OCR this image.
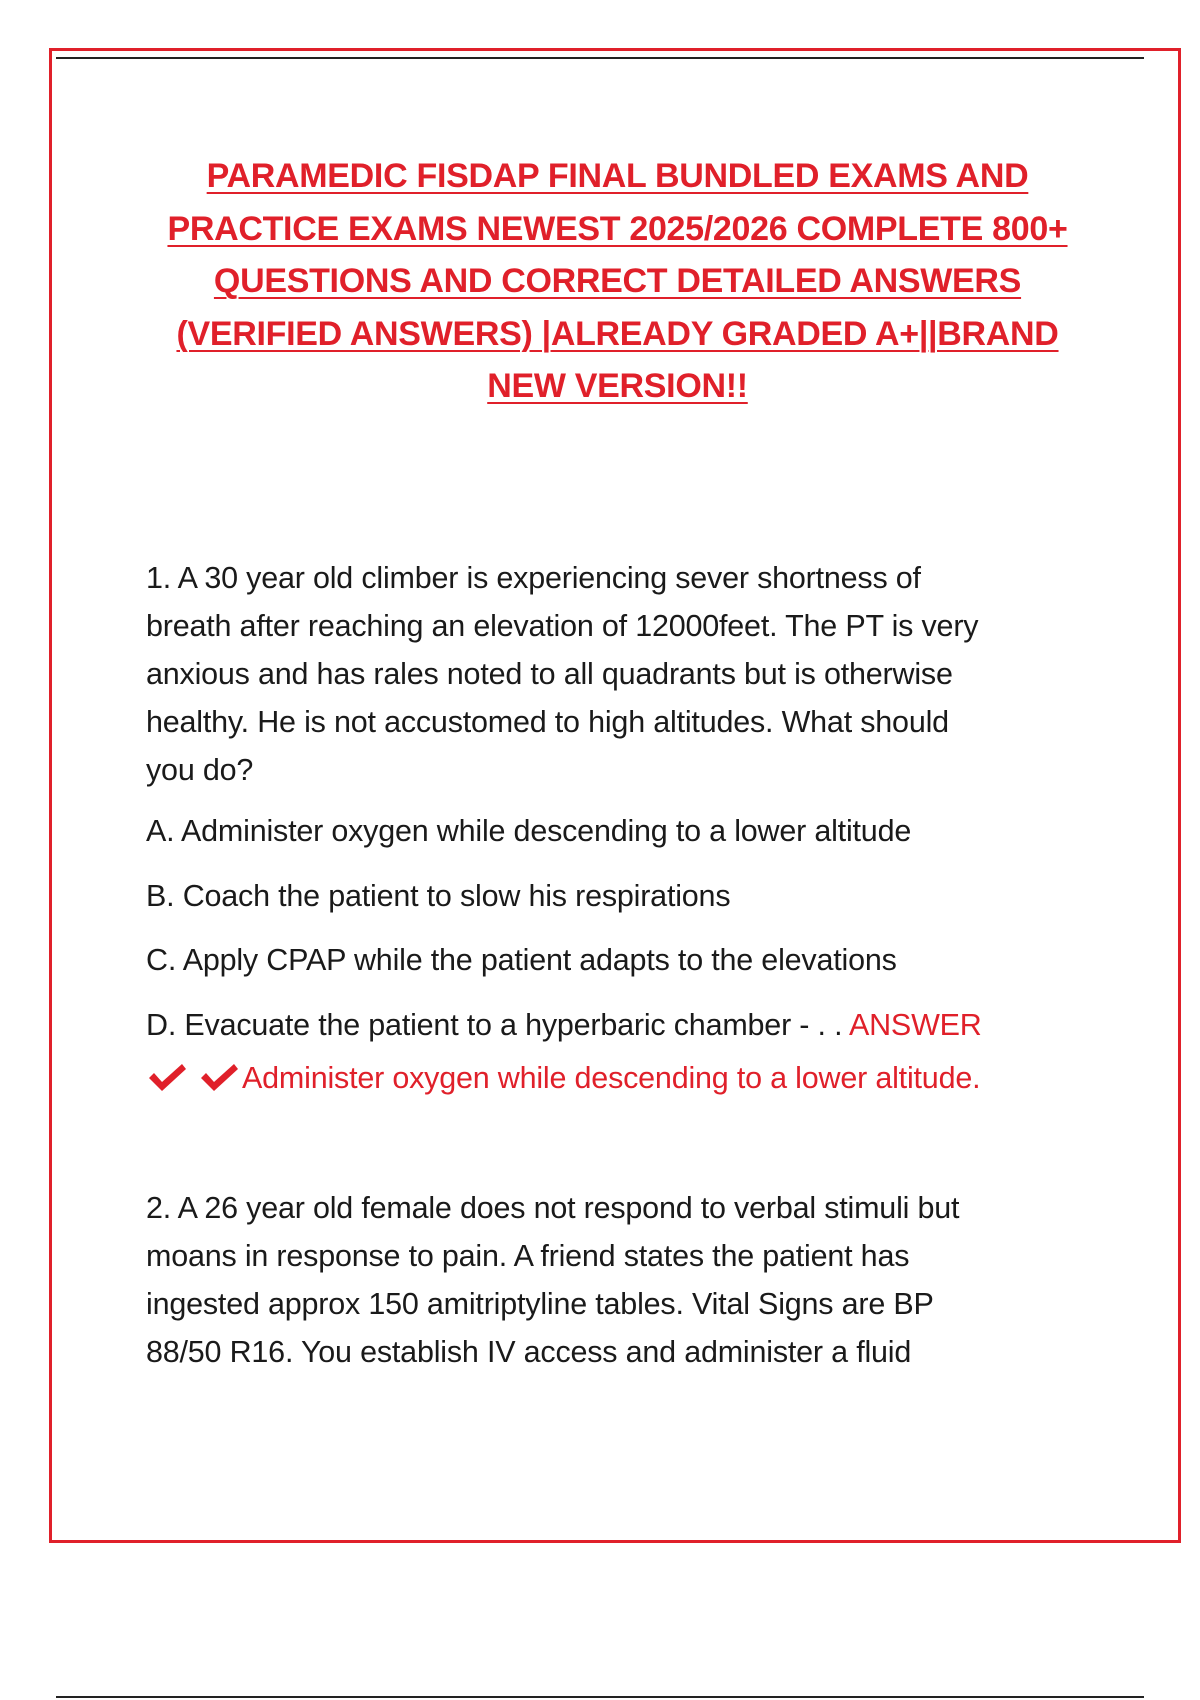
PARAMEDIC FISDAP FINAL BUNDLED EXAMS AND
PRACTICE EXAMS NEWEST 2025/2026 COMPLETE 800+
QUESTIONS AND CORRECT DETAILED ANSWERS
(VERIFIED ANSWERS) |ALREADY GRADED A+||BRAND
NEW VERSION!!
1. A 30 year old climber is experiencing sever shortness of
breath after reaching an elevation of 12000feet. The PT is very
anxious and has rales noted to all quadrants but is otherwise
healthy. He is not accustomed to high altitudes. What should
you do?
A. Administer oxygen while descending to a lower altitude
B. Coach the patient to slow his respirations
C. Apply CPAP while the patient adapts to the elevations
D. Evacuate the patient to a hyperbaric chamber - . . ANSWER
Administer oxygen while descending to a lower altitude.
2. A 26 year old female does not respond to verbal stimuli but
moans in response to pain. A friend states the patient has
ingested approx 150 amitriptyline tables. Vital Signs are BP
88/50 R16. You establish IV access and administer a fluid
